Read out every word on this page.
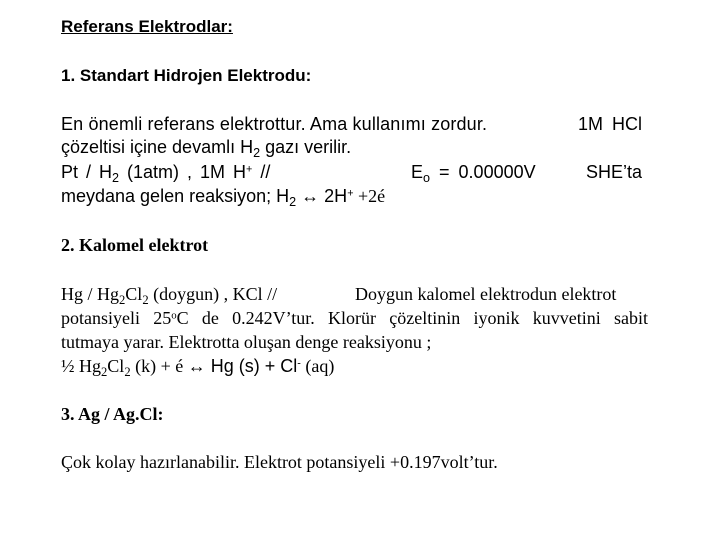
Referans Elektrodlar:
1. Standart Hidrojen Elektrodu:
En önemli referans elektrottur. Ama kullanımı zordur.	1M HCl
çözeltisi içine devamlı $H_2$ gazı verilir.
Pt / $H_2$ (1atm) , 1M H+ //	$E_o = 0.00000V$	SHE’ta
meydana gelen reaksiyon; $H_2$ ↔ 2H+ +2é
2. Kalomel elektrot
Hg / $Hg_2Cl_2$ (doygun) , KCl //	Doygun kalomel elektrodun elektrot
potansiyeli 25$^o$C de 0.242V’tur. Klorür çözeltinin iyonik kuvvetini sabit
tutmaya yarar. Elektrotta oluşan denge reaksiyonu ;
½ $Hg_2Cl_2$ (k) + é ↔ Hg (s) + Cl- (aq)
3. Ag / Ag.Cl:
Çok kolay hazırlanabilir. Elektrot potansiyeli +0.197volt’tur.
